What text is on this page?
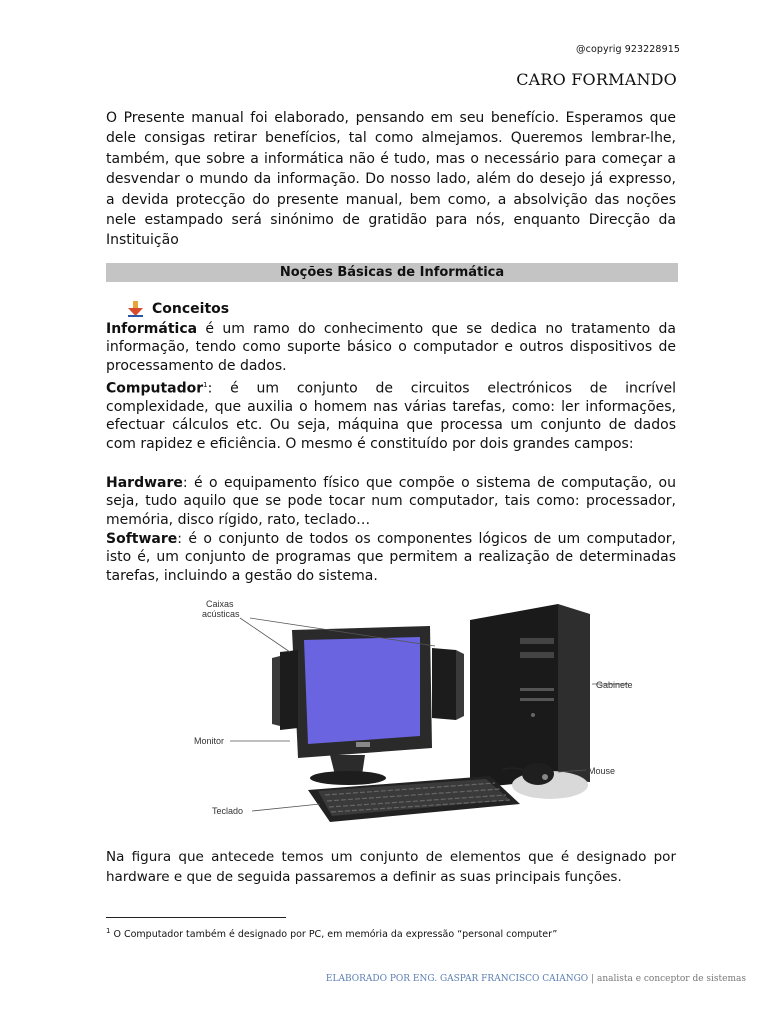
@copyrig 923228915
CARO FORMANDO

O Presente manual foi elaborado, pensando em seu benefício. Esperamos que dele consigas retirar benefícios, tal como almejamos. Queremos lembrar-lhe, também, que sobre a informática não é tudo, mas o necessário para começar a desvendar o mundo da informação. Do nosso lado, além do desejo já expresso, a devida protecção do presente manual, bem como, a absolvição das noções nele estampado será sinónimo de gratidão para nós, enquanto Direcção da Instituição

Noções Básicas de Informática
Conceitos

Informática é um ramo do conhecimento que se dedica no tratamento da informação, tendo como suporte básico o computador e outros dispositivos de processamento de dados.

Computador$^1$: é um conjunto de circuitos electrónicos de incrível complexidade, que auxilia o homem nas várias tarefas, como: ler informações, efectuar cálculos etc. Ou seja, máquina que processa um conjunto de dados com rapidez e eficiência. O mesmo é constituído por dois grandes campos:

Hardware: é o equipamento físico que compõe o sistema de computação, ou seja, tudo aquilo que se pode tocar num computador, tais como: processador, memória, disco rígido, rato, teclado…

Software: é o conjunto de todos os componentes lógicos de um computador, isto é, um conjunto de programas que permitem a realização de determinadas tarefas, incluindo a gestão do sistema.

Caixas
acústicas
Gabinete
Monitor
Mouse
Teclado

Na figura que antecede temos um conjunto de elementos que é designado por hardware e que de seguida passaremos a definir as suas principais funções.

$^1$ O Computador também é designado por PC, em memória da expressão “personal computer”
ELABORADO POR ENG. GASPAR FRANCISCO CAIANGO | analista e conceptor de sistemas
